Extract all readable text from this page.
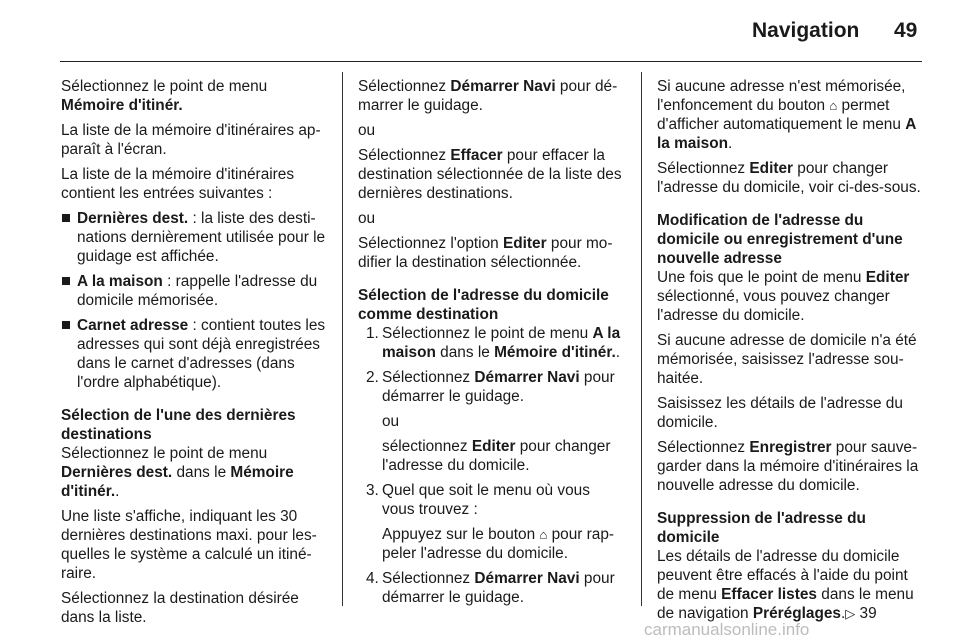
Navigation 49

Sélectionnez le point de menu
Mémoire d'itinér.

La liste de la mémoire d'itinéraires ap-paraît à l'écran.

La liste de la mémoire d'itinéraires contient les entrées suivantes :

Dernières dest. : la liste des desti-nations dernièrement utilisée pour le guidage est affichée.
A la maison : rappelle l'adresse du domicile mémorisée.
Carnet adresse : contient toutes les adresses qui sont déjà enregistrées dans le carnet d'adresses (dans l'ordre alphabétique).
Sélection de l'une des dernières destinations

Sélectionnez le point de menu
Dernières dest. dans le Mémoire d'itinér..

Une liste s'affiche, indiquant les 30 dernières destinations maxi. pour les-quelles le système a calculé un itiné-raire.

Sélectionnez la destination désirée dans la liste.

Sélectionnez Démarrer Navi pour dé-marrer le guidage.

ou

Sélectionnez Effacer pour effacer la destination sélectionnée de la liste des dernières destinations.

ou

Sélectionnez l'option Editer pour mo-difier la destination sélectionnée.

Sélection de l'adresse du domicile comme destination
1. Sélectionnez le point de menu A la maison dans le Mémoire d'itinér..
2. Sélectionnez Démarrer Navi pour démarrer le guidage.

ou

sélectionnez Editer pour changer l'adresse du domicile.

3. Quel que soit le menu où vous vous trouvez :

Appuyez sur le bouton ⌂ pour rap-peler l'adresse du domicile.

4. Sélectionnez Démarrer Navi pour démarrer le guidage.

Si aucune adresse n'est mémorisée, l'enfoncement du bouton ⌂ permet d'afficher automatiquement le menu A la maison.

Sélectionnez Editer pour changer l'adresse du domicile, voir ci-des-sous.

Modification de l'adresse du domicile ou enregistrement d'une nouvelle adresse

Une fois que le point de menu Editer sélectionné, vous pouvez changer l'adresse du domicile.

Si aucune adresse de domicile n'a été mémorisée, saisissez l'adresse sou-haitée.

Saisissez les détails de l'adresse du domicile.

Sélectionnez Enregistrer pour sauve-garder dans la mémoire d'itinéraires la nouvelle adresse du domicile.

Suppression de l'adresse du domicile

Les détails de l'adresse du domicile peuvent être effacés à l'aide du point de menu Effacer listes dans le menu de navigation Préréglages.▷ 39

carmanualsonline.info
